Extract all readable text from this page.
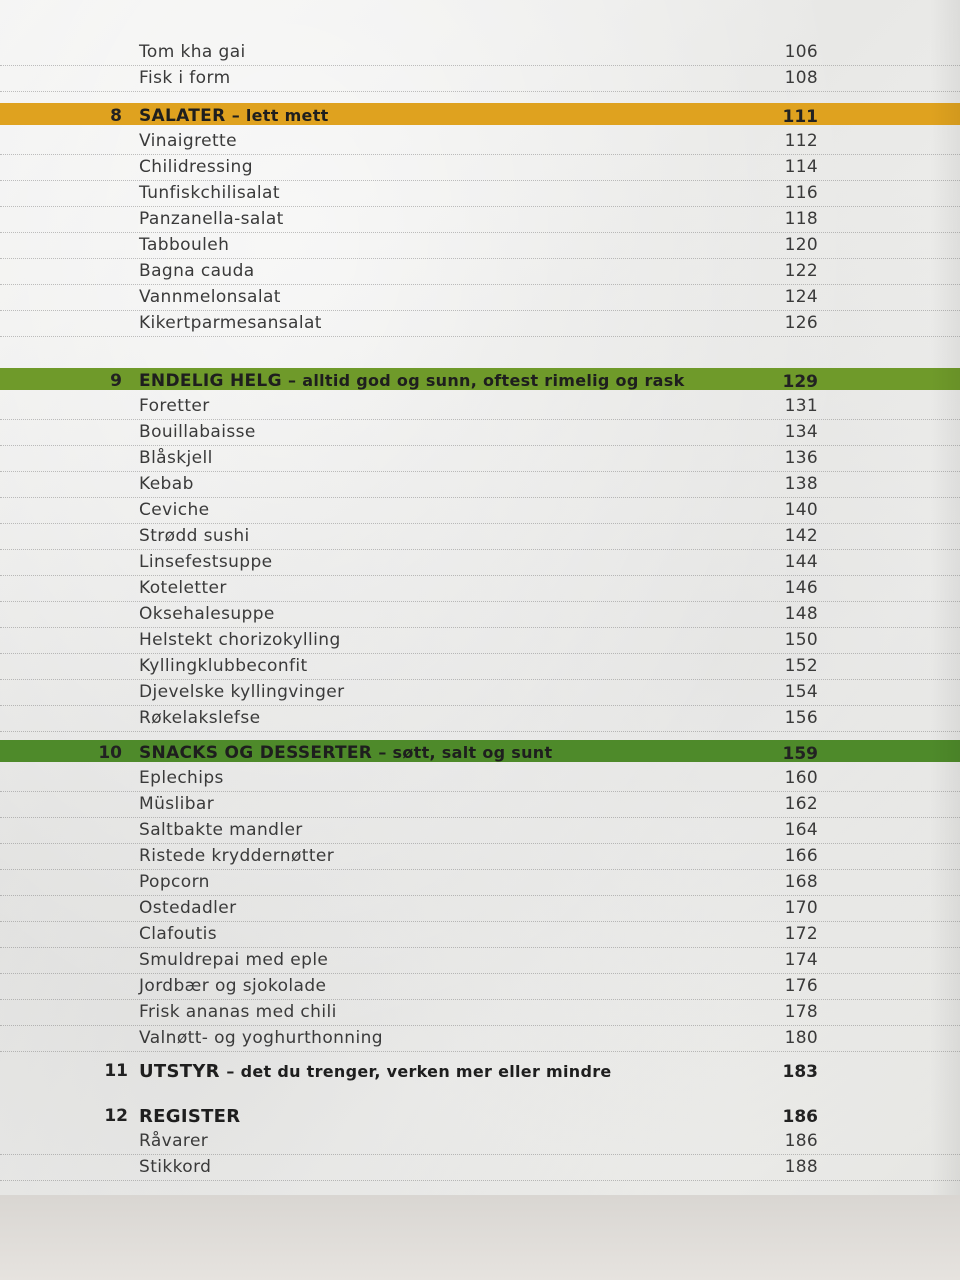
Tom kha gai	106
Fisk i form	108
8 SALATER – lett mett	111
Vinaigrette	112
Chilidressing	114
Tunfiskchilisalat	116
Panzanella-salat	118
Tabbouleh	120
Bagna cauda	122
Vannmelonsalat	124
Kikertparmesansalat	126
9 ENDELIG HELG – alltid god og sunn, oftest rimelig og rask	129
Foretter	131
Bouillabaisse	134
Blåskjell	136
Kebab	138
Ceviche	140
Strødd sushi	142
Linsefestsuppe	144
Koteletter	146
Oksehalesuppe	148
Helstekt chorizokylling	150
Kyllingklubbeconfit	152
Djevelske kyllingvinger	154
Røkelakslefse	156
10 SNACKS OG DESSERTER – søtt, salt og sunt	159
Eplechips	160
Müslibar	162
Saltbakte mandler	164
Ristede kryddernøtter	166
Popcorn	168
Ostedadler	170
Clafoutis	172
Smuldrepai med eple	174
Jordbær og sjokolade	176
Frisk ananas med chili	178
Valnøtt- og yoghurthonning	180
11 UTSTYR – det du trenger, verken mer eller mindre	183
12 REGISTER	186
Råvarer	186
Stikkord	188
